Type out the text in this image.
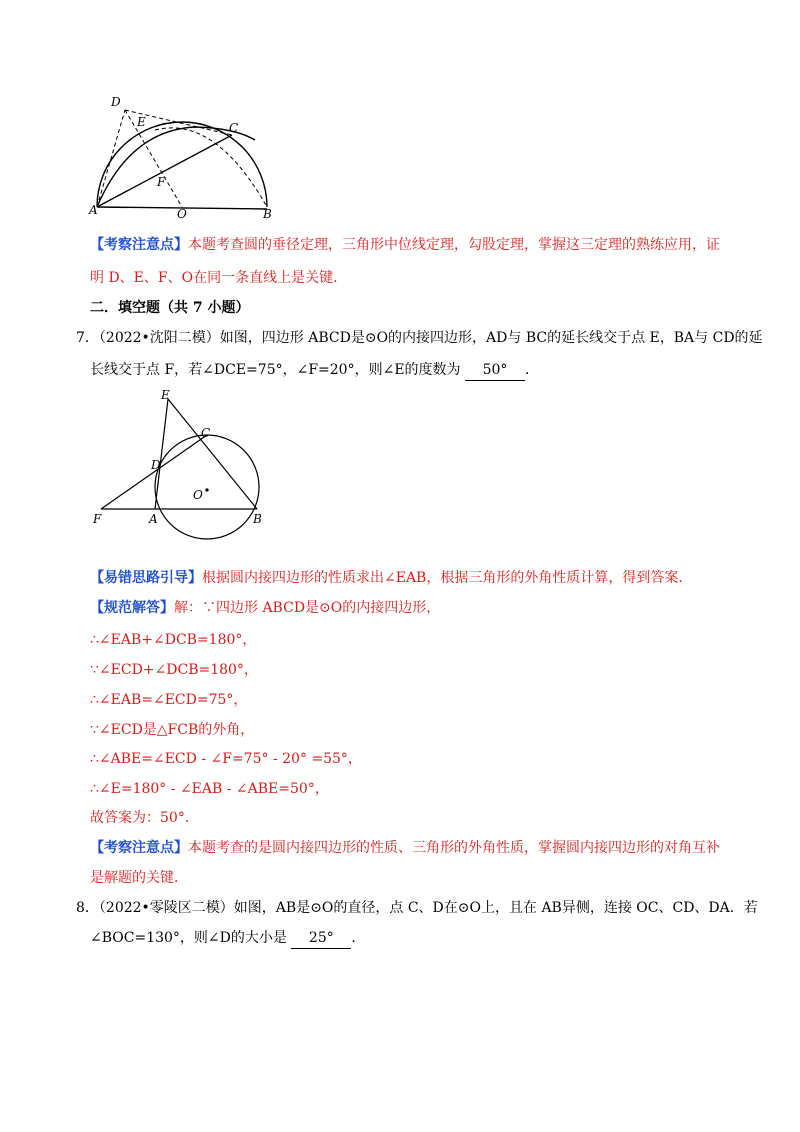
D
E	C
F
A	O	B
【考察注意点】本题考查圆的垂径定理，三角形中位线定理，勾股定理，掌握这三定理的熟练应用，证
明 D、E、F、O在同一条直线上是关键．
二．填空题（共 7 小题）
7．（2022•沈阳二模）如图，四边形 ABCD是⊙O的内接四边形，AD与 BC的延长线交于点 E，BA与 CD的延
长线交于点 F，若∠DCE=75°，∠F=20°，则∠E的度数为 50° ．
E
C
D
O
F	A	B
【易错思路引导】根据圆内接四边形的性质求出∠EAB，根据三角形的外角性质计算，得到答案．
【规范解答】解：∵四边形 ABCD是⊙O的内接四边形，
∴∠EAB+∠DCB=180°，
∵∠ECD+∠DCB=180°，
∴∠EAB=∠ECD=75°，
∵∠ECD是△FCB的外角，
∴∠ABE=∠ECD - ∠F=75° - 20° =55°，
∴∠E=180° - ∠EAB - ∠ABE=50°，
故答案为：50°．
【考察注意点】本题考查的是圆内接四边形的性质、三角形的外角性质，掌握圆内接四边形的对角互补
是解题的关键．
8．（2022•零陵区二模）如图，AB是⊙O的直径，点 C、D在⊙O上，且在 AB异侧，连接 OC、CD、DA．若
∠BOC=130°，则∠D的大小是 25° ．
